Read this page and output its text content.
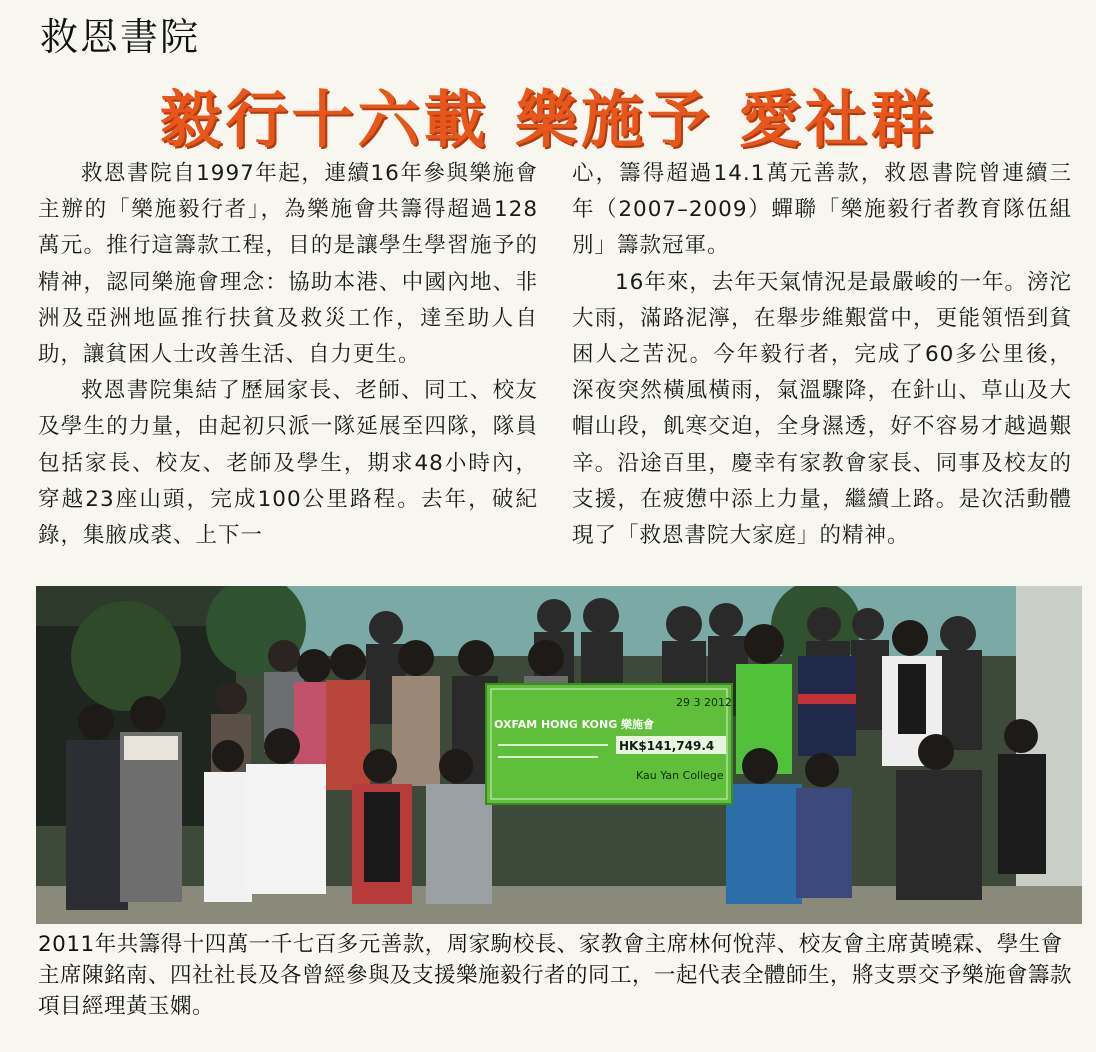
救恩書院
毅行十六載 樂施予 愛社群

救恩書院自1997年起，連續16年參與樂施會主辦的「樂施毅行者」，為樂施會共籌得超過128萬元。推行這籌款工程，目的是讓學生學習施予的精神，認同樂施會理念：協助本港、中國內地、非洲及亞洲地區推行扶貧及救災工作，達至助人自助，讓貧困人士改善生活、自力更生。

救恩書院集結了歷屆家長、老師、同工、校友及學生的力量，由起初只派一隊延展至四隊，隊員包括家長、校友、老師及學生，期求48小時內，穿越23座山頭，完成100公里路程。去年，破紀錄，集腋成裘、上下一

心，籌得超過14.1萬元善款，救恩書院曾連續三年（2007–2009）蟬聯「樂施毅行者教育隊伍組別」籌款冠軍。

16年來，去年天氣情況是最嚴峻的一年。滂沱大雨，滿路泥濘，在舉步維艱當中，更能領悟到貧困人之苦況。今年毅行者，完成了60多公里後，深夜突然橫風橫雨，氣溫驟降，在針山、草山及大帽山段，飢寒交迫，全身濕透，好不容易才越過艱辛。沿途百里，慶幸有家教會家長、同事及校友的支援，在疲憊中添上力量，繼續上路。是次活動體現了「救恩書院大家庭」的精神。

29 3 2012
OXFAM HONG KONG 樂施會
HK$141,749.4
Kau Yan College
2011年共籌得十四萬一千七百多元善款，周家駒校長、家教會主席林何悅萍、校友會主席黃曉霖、學生會主席陳銘南、四社社長及各曾經參與及支援樂施毅行者的同工，一起代表全體師生，將支票交予樂施會籌款項目經理黃玉嫻。
